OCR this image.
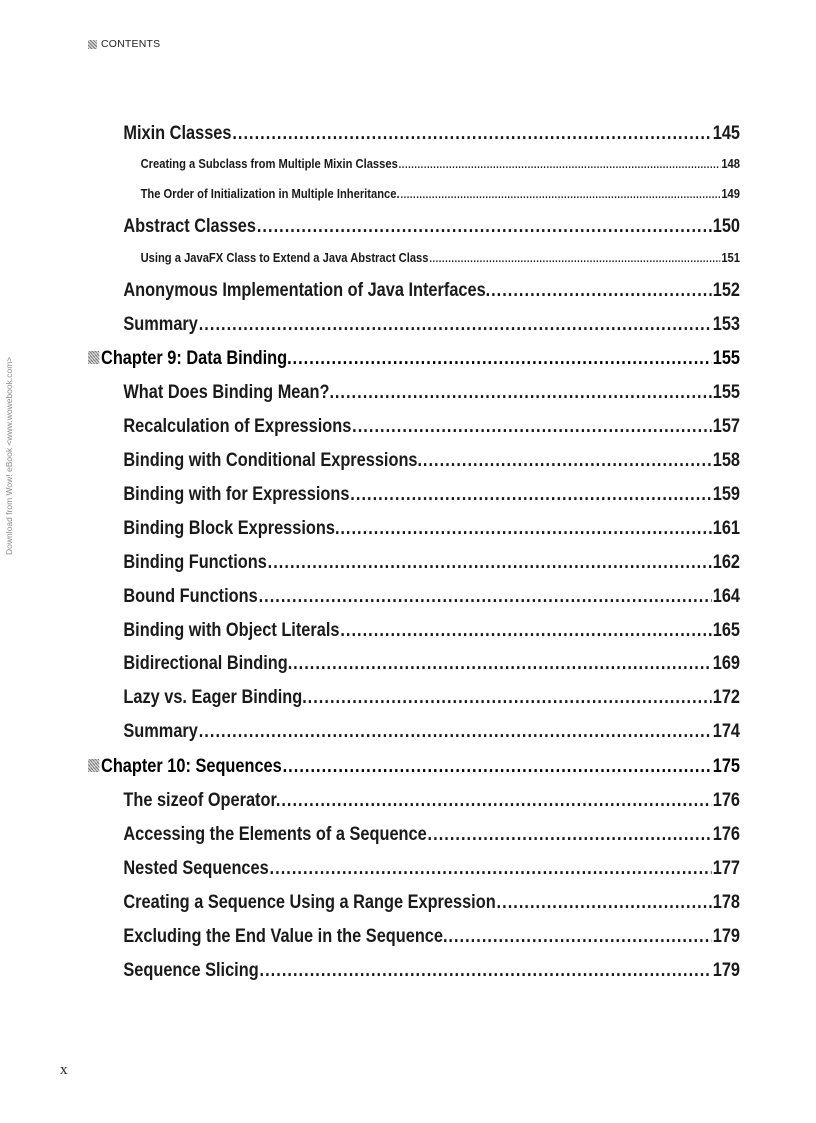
CONTENTS
Download from Wow! eBook <www.wowebook.com>
Mixin Classes .....	145
Creating a Subclass from Multiple Mixin Classes .....	148
The Order of Initialization in Multiple Inheritance. .....	149
Abstract Classes .....	150
Using a JavaFX Class to Extend a Java Abstract Class .....	151
Anonymous Implementation of Java Interfaces. .....	152
Summary .....	153
Chapter 9: Data Binding. .....	155
What Does Binding Mean?. .....	155
Recalculation of Expressions .....	157
Binding with Conditional Expressions. .....	158
Binding with for Expressions .....	159
Binding Block Expressions. .....	161
Binding Functions .....	162
Bound Functions .....	164
Binding with Object Literals .....	165
Bidirectional Binding. .....	169
Lazy vs. Eager Binding. .....	172
Summary .....	174
Chapter 10: Sequences .....	175
The sizeof Operator. .....	176
Accessing the Elements of a Sequence .....	176
Nested Sequences .....	177
Creating a Sequence Using a Range Expression .....	178
Excluding the End Value in the Sequence. .....	179
Sequence Slicing .....	179
x
